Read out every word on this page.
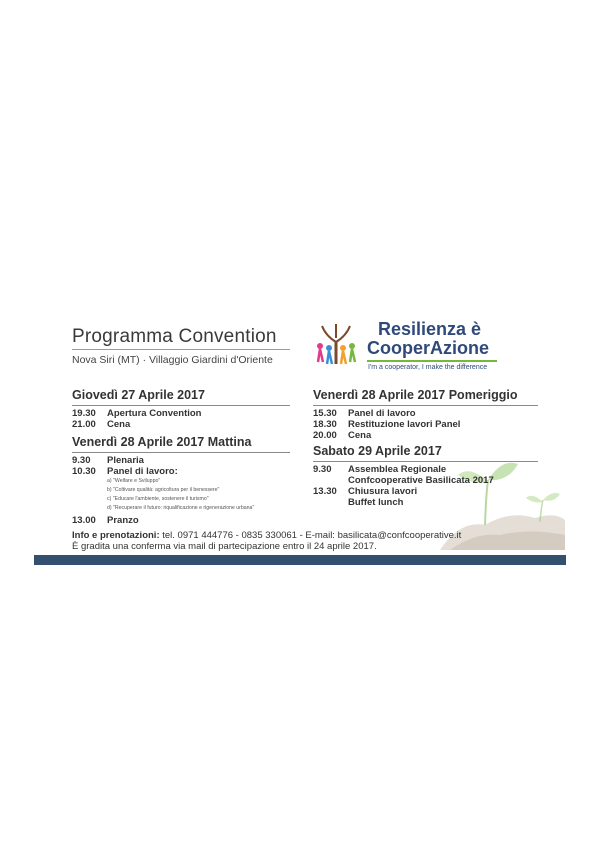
Programma Convention
Nova Siri (MT) · Villaggio Giardini d'Oriente
Resilienza è
CooperAzione
I'm a cooperator, I make the difference
Giovedì 27 Aprile 2017
19.30 Apertura Convention
21.00 Cena
Venerdì 28 Aprile 2017 Mattina
9.30 Plenaria
10.30 Panel di lavoro:
a) "Welfare e Sviluppo"
b) "Coltivare qualità: agricoltura per il benessere"
c) "Educare l'ambiente, sostenere il turismo"
d) "Recuperare il futuro: riqualificazione e rigenerazione urbana"
13.00 Pranzo
Venerdì 28 Aprile 2017 Pomeriggio
15.30 Panel di lavoro
18.30 Restituzione lavori Panel
20.00 Cena
Sabato 29 Aprile 2017
9.30 Assemblea Regionale
Confcooperative Basilicata 2017
13.30 Chiusura lavori
Buffet lunch
Info e prenotazioni: tel. 0971 444776 - 0835 330061 - E-mail: basilicata@confcooperative.it
È gradita una conferma via mail di partecipazione entro il 24 aprile 2017.
